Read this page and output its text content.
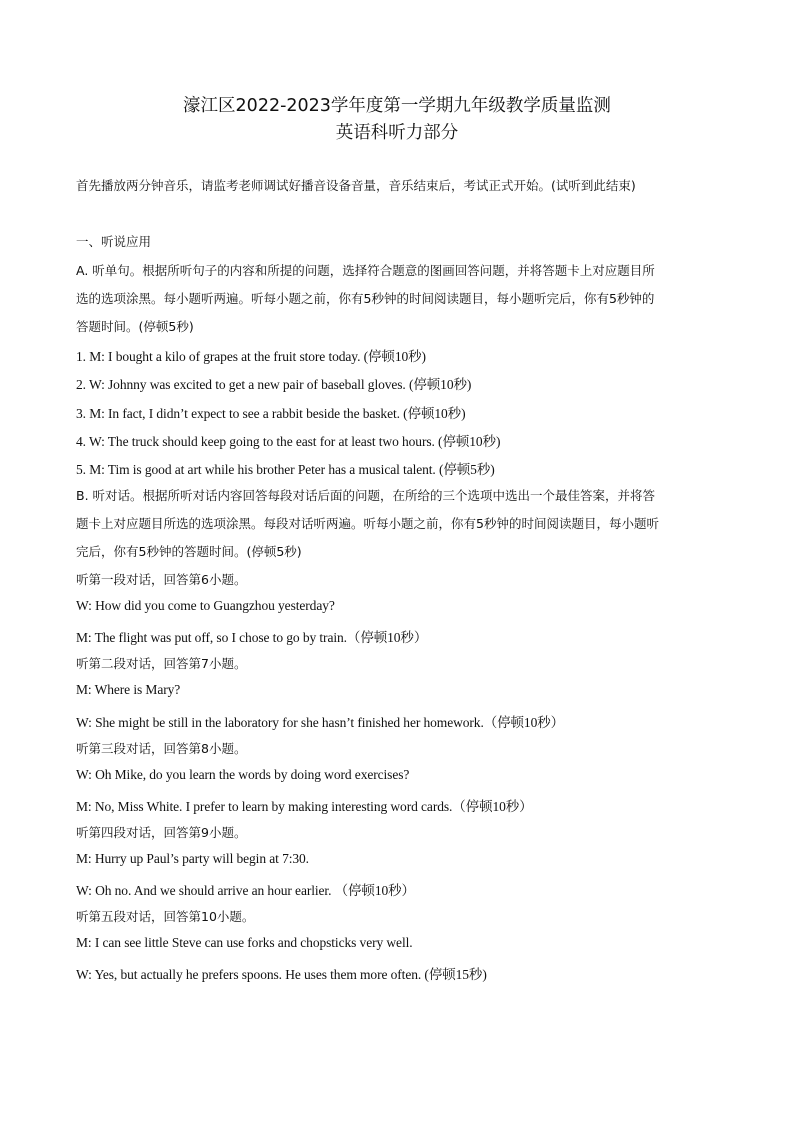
濠江区2022-2023学年度第一学期九年级教学质量监测
英语科听力部分
首先播放两分钟音乐，请监考老师调试好播音设备音量，音乐结束后，考试正式开始。(试听到此结束)
一、听说应用
A. 听单句。根据所听句子的内容和所提的问题，选择符合题意的图画回答问题，并将答题卡上对应题目所
选的选项涂黑。每小题听两遍。听每小题之前，你有5秒钟的时间阅读题目，每小题听完后，你有5秒钟的
答题时间。(停顿5秒)
1. M: I bought a kilo of grapes at the fruit store today. (停顿10秒)
2. W: Johnny was excited to get a new pair of baseball gloves. (停顿10秒)
3. M: In fact, I didn’t expect to see a rabbit beside the basket. (停顿10秒)
4. W: The truck should keep going to the east for at least two hours. (停顿10秒)
5. M: Tim is good at art while his brother Peter has a musical talent. (停顿5秒)
B. 听对话。根据所听对话内容回答每段对话后面的问题，在所给的三个选项中选出一个最佳答案，并将答
题卡上对应题目所选的选项涂黑。每段对话听两遍。听每小题之前，你有5秒钟的时间阅读题目，每小题听
完后，你有5秒钟的答题时间。(停顿5秒)
听第一段对话，回答第6小题。
W: How did you come to Guangzhou yesterday?
M: The flight was put off, so I chose to go by train.（停顿10秒）
听第二段对话，回答第7小题。
M: Where is Mary?
W: She might be still in the laboratory for she hasn’t finished her homework.（停顿10秒）
听第三段对话，回答第8小题。
W: Oh Mike, do you learn the words by doing word exercises?
M: No, Miss White. I prefer to learn by making interesting word cards.（停顿10秒）
听第四段对话，回答第9小题。
M: Hurry up Paul’s party will begin at 7:30.
W: Oh no. And we should arrive an hour earlier. （停顿10秒）
听第五段对话，回答第10小题。
M: I can see little Steve can use forks and chopsticks very well.
W: Yes, but actually he prefers spoons. He uses them more often. (停顿15秒)
